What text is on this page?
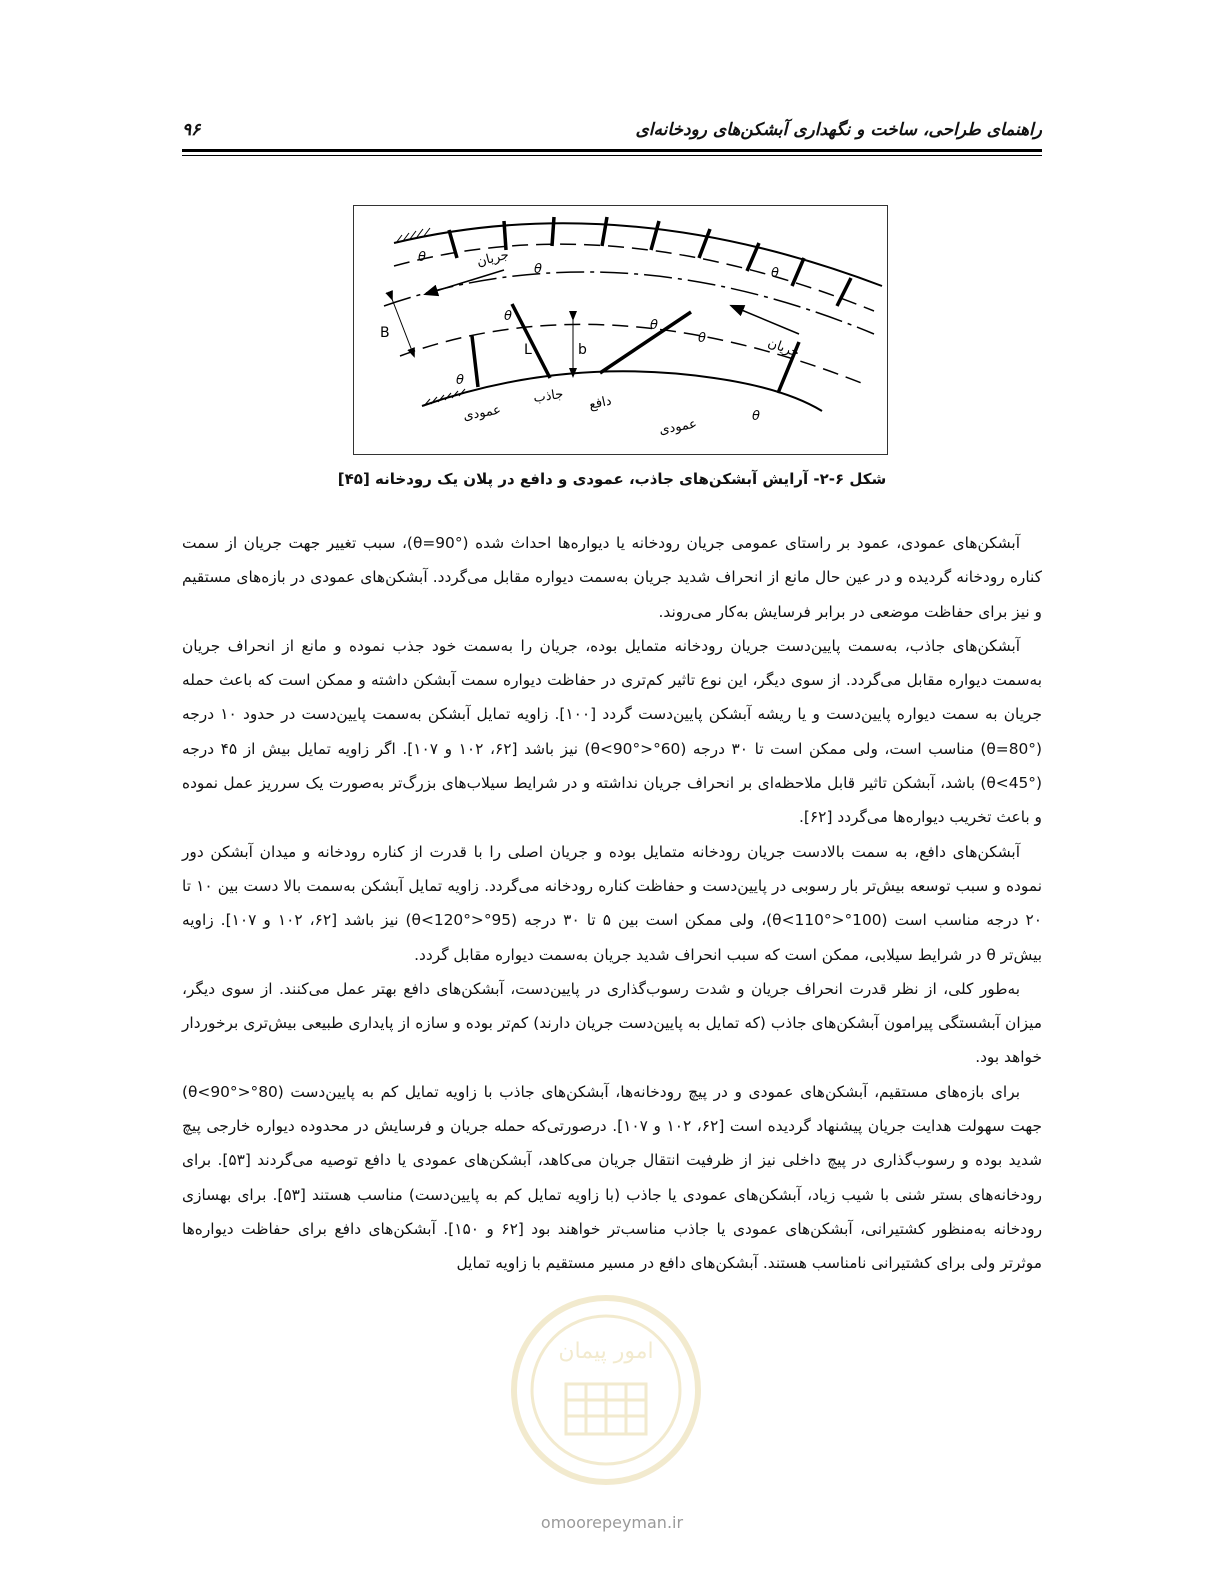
راهنمای طراحی، ساخت و نگهداری آبشکن‌های رودخانه‌ای
۹۶
B
L	b
جریان
جریان
θ
θ	θ
θ
θ
θ
θ
θ
جاذب دافع
عمودی
عمودی
شکل ۶-۲- آرایش آبشکن‌های جاذب، عمودی و دافع در پلان یک رودخانه [۴۵]

آبشکن‌های عمودی، عمود بر راستای عمومی جریان رودخانه یا دیواره‌ها احداث شده (θ=90°)، سبب تغییر جهت جریان از سمت کناره رودخانه گردیده و در عین حال مانع از انحراف شدید جریان به‌سمت دیواره مقابل می‌گردد. آبشکن‌های عمودی در بازه‌های مستقیم و نیز برای حفاظت موضعی در برابر فرسایش به‌کار می‌روند.

آبشکن‌های جاذب، به‌سمت پایین‌دست جریان رودخانه متمایل بوده، جریان را به‌سمت خود جذب نموده و مانع از انحراف جریان به‌سمت دیواره مقابل می‌گردد. از سوی دیگر، این نوع تاثیر کم‌تری در حفاظت دیواره سمت آبشکن داشته و ممکن است که باعث حمله جریان به سمت دیواره پایین‌دست و یا ریشه آبشکن پایین‌دست گردد [۱۰۰]. زاویه تمایل آبشکن به‌سمت پایین‌دست در حدود ۱۰ درجه (θ=80°) مناسب است، ولی ممکن است تا ۳۰ درجه (60°<θ<90°) نیز باشد [۶۲، ۱۰۲ و ۱۰۷]. اگر زاویه تمایل بیش از ۴۵ درجه (θ<45°) باشد، آبشکن تاثیر قابل ملاحظه‌ای بر انحراف جریان نداشته و در شرایط سیلاب‌های بزرگ‌تر به‌صورت یک سرریز عمل نموده و باعث تخریب دیواره‌ها می‌گردد [۶۲].

آبشکن‌های دافع، به سمت بالادست جریان رودخانه متمایل بوده و جریان اصلی را با قدرت از کناره رودخانه و میدان آبشکن دور نموده و سبب توسعه بیش‌تر بار رسوبی در پایین‌دست و حفاظت کناره رودخانه می‌گردد. زاویه تمایل آبشکن به‌سمت بالا دست بین ۱۰ تا ۲۰ درجه مناسب است (100°<θ<110°)، ولی ممکن است بین ۵ تا ۳۰ درجه (95°<θ<120°) نیز باشد [۶۲، ۱۰۲ و ۱۰۷]. زاویه بیش‌تر θ در شرایط سیلابی، ممکن است که سبب انحراف شدید جریان به‌سمت دیواره مقابل گردد.

به‌طور کلی، از نظر قدرت انحراف جریان و شدت رسوب‌گذاری در پایین‌دست، آبشکن‌های دافع بهتر عمل می‌کنند. از سوی دیگر، میزان آبشستگی پیرامون آبشکن‌های جاذب (که تمایل به پایین‌دست جریان دارند) کم‌تر بوده و سازه از پایداری طبیعی بیش‌تری برخوردار خواهد بود.

برای بازه‌های مستقیم، آبشکن‌های عمودی و در پیچ رودخانه‌ها، آبشکن‌های جاذب با زاویه تمایل کم به پایین‌دست (80°<θ<90°) جهت سهولت هدایت جریان پیشنهاد گردیده است [۶۲، ۱۰۲ و ۱۰۷]. درصورتی‌که حمله جریان و فرسایش در محدوده دیواره خارجی پیچ شدید بوده و رسوب‌گذاری در پیچ داخلی نیز از ظرفیت انتقال جریان می‌کاهد، آبشکن‌های عمودی یا دافع توصیه می‌گردند [۵۳]. برای رودخانه‌های بستر شنی با شیب زیاد، آبشکن‌های عمودی یا جاذب (با زاویه تمایل کم به پایین‌دست) مناسب هستند [۵۳]. برای بهسازی رودخانه به‌منظور کشتیرانی، آبشکن‌های عمودی یا جاذب مناسب‌تر خواهند بود [۶۲ و ۱۵۰]. آبشکن‌های دافع برای حفاظت دیواره‌ها موثرتر ولی برای کشتیرانی نامناسب هستند. آبشکن‌های دافع در مسیر مستقیم با زاویه تمایل

امور پیمان
omoorepeyman.ir
